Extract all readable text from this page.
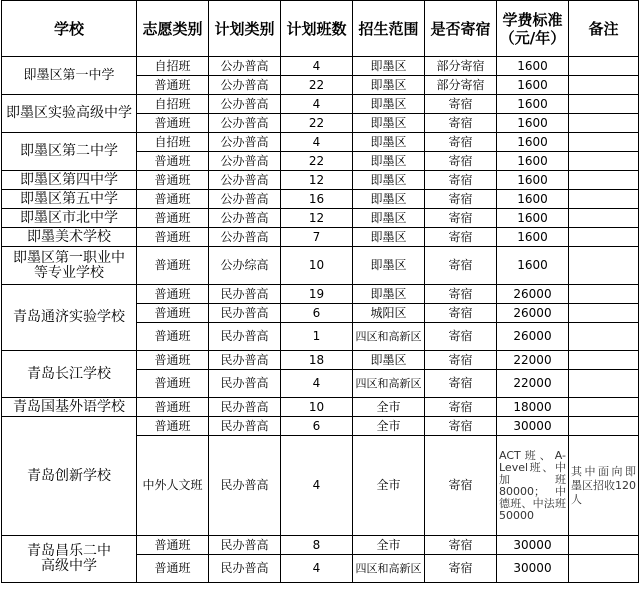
学校	志愿类别	计划类别	计划班数	招生范围	是否寄宿	学费标准（元/年）	备注
即墨区第一中学	自招班	公办普高	4	即墨区	部分寄宿	1600	
	普通班	公办普高	22	即墨区	部分寄宿	1600	
即墨区实验高级中学	自招班	公办普高	4	即墨区	寄宿	1600	
	普通班	公办普高	22	即墨区	寄宿	1600	
即墨区第二中学	自招班	公办普高	4	即墨区	寄宿	1600	
	普通班	公办普高	22	即墨区	寄宿	1600	
即墨区第四中学	普通班	公办普高	12	即墨区	寄宿	1600	
即墨区第五中学	普通班	公办普高	16	即墨区	寄宿	1600	
即墨区市北中学	普通班	公办普高	12	即墨区	寄宿	1600	
即墨美术学校	普通班	公办普高	7	即墨区	寄宿	1600	
即墨区第一职业中等专业学校	普通班	公办综高	10	即墨区	寄宿	1600	
青岛通济实验学校	普通班	民办普高	19	即墨区	寄宿	26000	
	普通班	民办普高	6	城阳区	寄宿	26000	
	普通班	民办普高	1	四区和高新区	寄宿	26000	
青岛长江学校	普通班	民办普高	18	即墨区	寄宿	22000	
	普通班	民办普高	4	四区和高新区	寄宿	22000	
青岛国基外语学校	普通班	民办普高	10	全市	寄宿	18000	
青岛创新学校	普通班	民办普高	6	全市	寄宿	30000	
	中外人文班	民办普高	4	全市	寄宿	ACT班、A-Level班、中加班80000；中德班、中法班50000	其中面向即墨区招收120人
青岛昌乐二中高级中学	普通班	民办普高	8	全市	寄宿	30000	
	普通班	民办普高	4	四区和高新区	寄宿	30000	
